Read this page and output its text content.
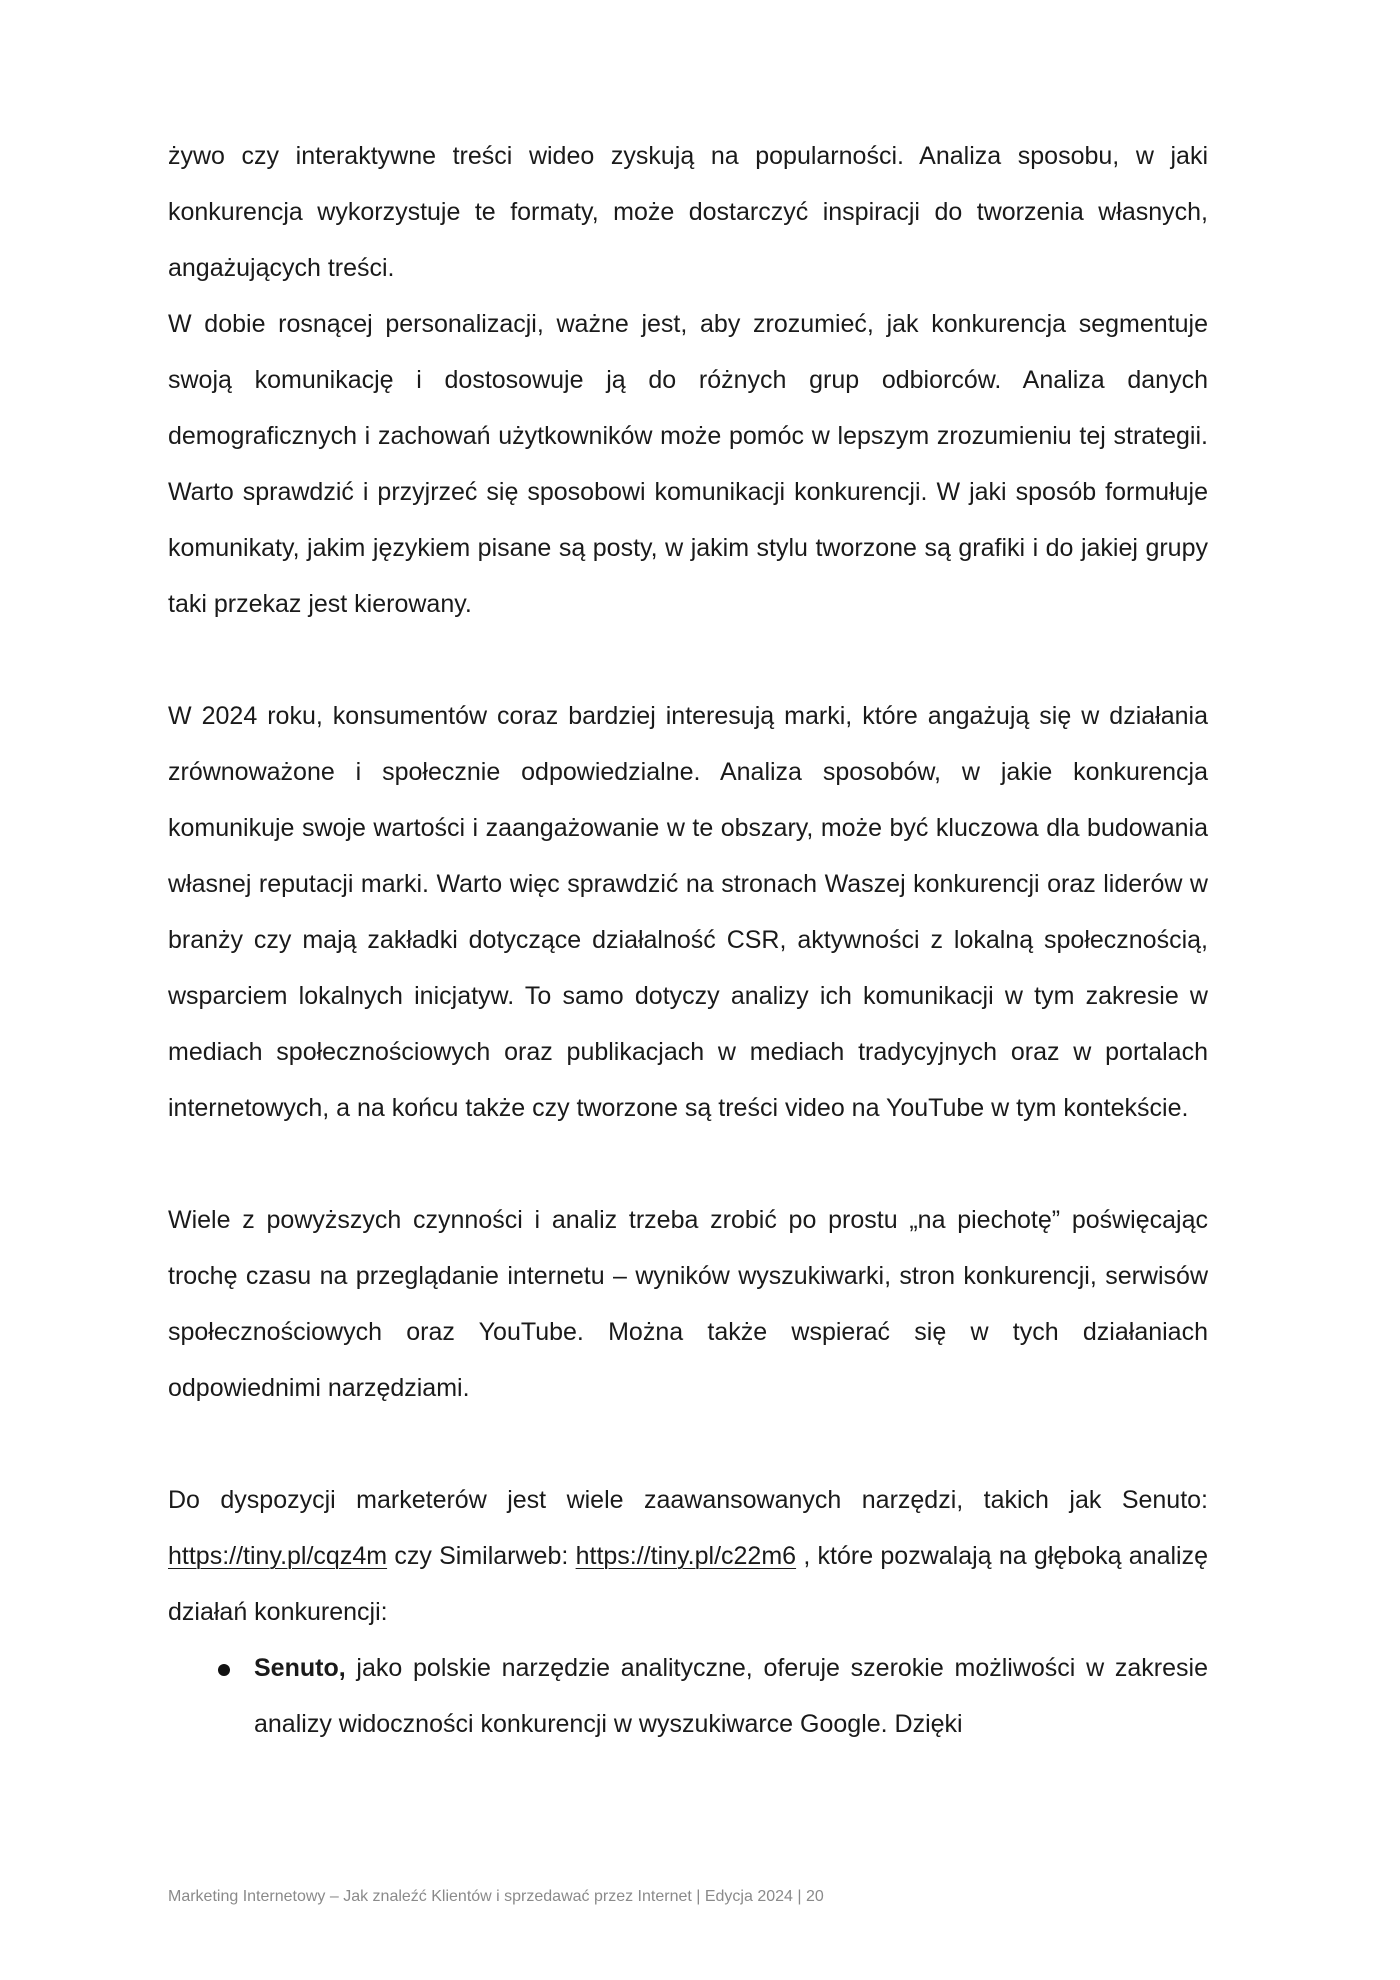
żywo czy interaktywne treści wideo zyskują na popularności. Analiza sposobu, w jaki konkurencja wykorzystuje te formaty, może dostarczyć inspiracji do tworzenia własnych, angażujących treści.

W dobie rosnącej personalizacji, ważne jest, aby zrozumieć, jak konkurencja segmentuje swoją komunikację i dostosowuje ją do różnych grup odbiorców. Analiza danych demograficznych i zachowań użytkowników może pomóc w lepszym zrozumieniu tej strategii. Warto sprawdzić i przyjrzeć się sposobowi komunikacji konkurencji. W jaki sposób formułuje komunikaty, jakim językiem pisane są posty, w jakim stylu tworzone są grafiki i do jakiej grupy taki przekaz jest kierowany.

W 2024 roku, konsumentów coraz bardziej interesują marki, które angażują się w działania zrównoważone i społecznie odpowiedzialne. Analiza sposobów, w jakie konkurencja komunikuje swoje wartości i zaangażowanie w te obszary, może być kluczowa dla budowania własnej reputacji marki. Warto więc sprawdzić na stronach Waszej konkurencji oraz liderów w branży czy mają zakładki dotyczące działalność CSR, aktywności z lokalną społecznością, wsparciem lokalnych inicjatyw. To samo dotyczy analizy ich komunikacji w tym zakresie w mediach społecznościowych oraz publikacjach w mediach tradycyjnych oraz w portalach internetowych, a na końcu także czy tworzone są treści video na YouTube w tym kontekście.

Wiele z powyższych czynności i analiz trzeba zrobić po prostu „na piechotę” poświęcając trochę czasu na przeglądanie internetu – wyników wyszukiwarki, stron konkurencji, serwisów społecznościowych oraz YouTube. Można także wspierać się w tych działaniach odpowiednimi narzędziami.

Do dyspozycji marketerów jest wiele zaawansowanych narzędzi, takich jak Senuto: https://tiny.pl/cqz4m czy Similarweb: https://tiny.pl/c22m6 , które pozwalają na głęboką analizę działań konkurencji:

Senuto, jako polskie narzędzie analityczne, oferuje szerokie możliwości w zakresie analizy widoczności konkurencji w wyszukiwarce Google. Dzięki
Marketing Internetowy – Jak znaleźć Klientów i sprzedawać przez Internet | Edycja 2024 | 20
